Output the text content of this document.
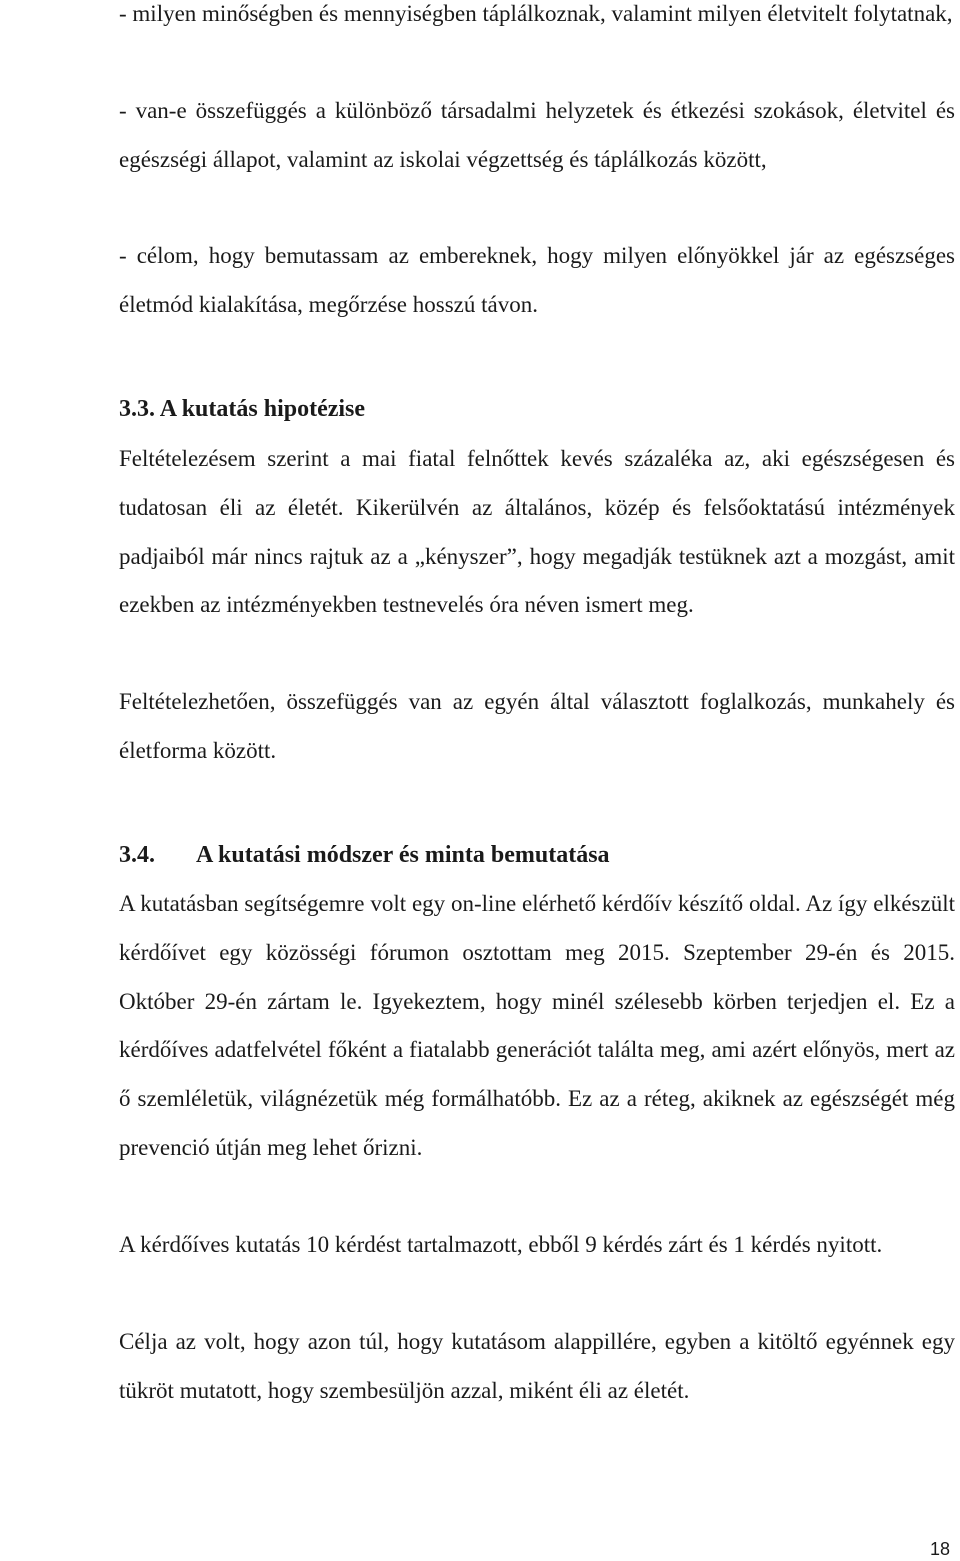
- milyen minőségben és mennyiségben táplálkoznak, valamint milyen életvitelt folytatnak,

- van-e összefüggés a különböző társadalmi helyzetek és étkezési szokások, életvitel és egészségi állapot, valamint az iskolai végzettség és táplálkozás között,

- célom, hogy bemutassam az embereknek, hogy milyen előnyökkel jár az egészséges életmód kialakítása, megőrzése hosszú távon.

3.3. A kutatás hipotézise

Feltételezésem szerint a mai fiatal felnőttek kevés százaléka az, aki egészségesen és tudatosan éli az életét. Kikerülvén az általános, közép és felsőoktatású intézmények padjaiból már nincs rajtuk az a „kényszer”, hogy megadják testüknek azt a mozgást, amit ezekben az intézményekben testnevelés óra néven ismert meg.

Feltételezhetően, összefüggés van az egyén által választott foglalkozás, munkahely és életforma között.

3.4. A kutatási módszer és minta bemutatása

A kutatásban segítségemre volt egy on-line elérhető kérdőív készítő oldal. Az így elkészült kérdőívet egy közösségi fórumon osztottam meg 2015. Szeptember 29-én és 2015. Október 29-én zártam le. Igyekeztem, hogy minél szélesebb körben terjedjen el. Ez a kérdőíves adatfelvétel főként a fiatalabb generációt találta meg, ami azért előnyös, mert az ő szemléletük, világnézetük még formálhatóbb. Ez az a réteg, akiknek az egészségét még prevenció útján meg lehet őrizni.

A kérdőíves kutatás 10 kérdést tartalmazott, ebből 9 kérdés zárt és 1 kérdés nyitott.

Célja az volt, hogy azon túl, hogy kutatásom alappillére, egyben a kitöltő egyénnek egy tükröt mutatott, hogy szembesüljön azzal, miként éli az életét.

18
